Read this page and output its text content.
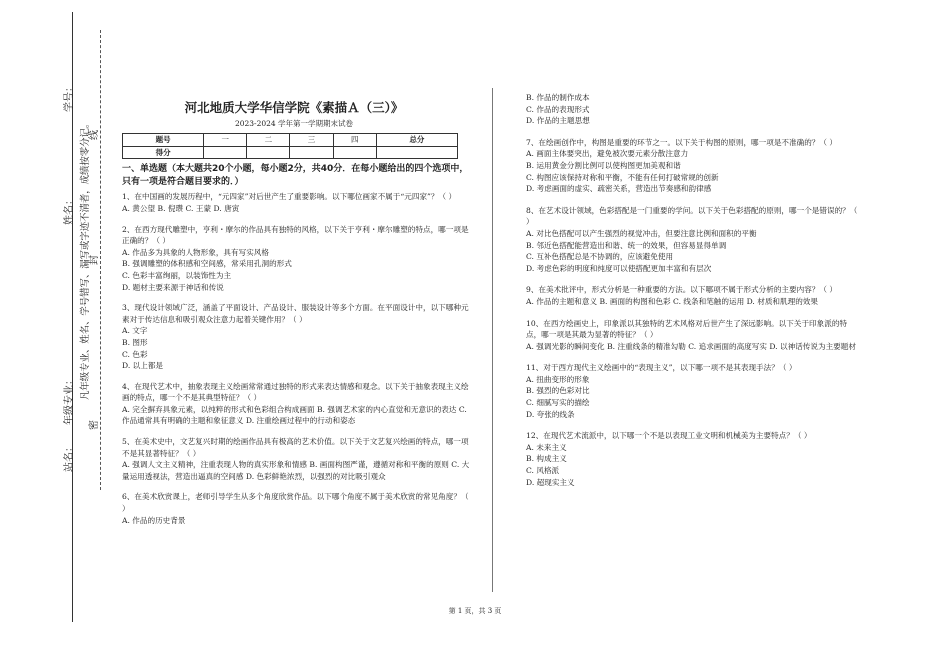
学号：
姓名：
年级专业：
站名：
凡年级专业、姓名、学号错写、漏写或字迹不清者，成绩按零分记。
密
封
线
河北地质大学华信学院《素描Ａ（三）》
2023-2024 学年第一学期期末试卷
题号	一	二	三	四	总分
得分					
一、单选题（本大题共20个小题，每小题2分，共40分．在每小题给出的四个选项中，只有一项是符合题目要求的．）
1、在中国画的发展历程中，“元四家”对后世产生了重要影响。以下哪位画家不属于“元四家”？（ ）
A. 黄公望 B. 倪瓒 C. 王蒙 D. 唐寅
2、在西方现代雕塑中，亨利・摩尔的作品具有独特的风格，以下关于亨利・摩尔雕塑的特点，哪一项是正确的？（ ）
A. 作品多为具象的人物形象，具有写实风格
B. 强调雕塑的体积感和空间感，常采用孔洞的形式
C. 色彩丰富绚丽，以装饰性为主
D. 题材主要来源于神话和传说
3、现代设计领域广泛，涵盖了平面设计、产品设计、服装设计等多个方面。在平面设计中，以下哪种元素对于传达信息和吸引观众注意力起着关键作用？（ ）
A. 文字
B. 图形
C. 色彩
D. 以上都是
4、在现代艺术中，抽象表现主义绘画常常通过独特的形式来表达情感和观念。以下关于抽象表现主义绘画的特点，哪一个不是其典型特征？（ ）
A. 完全摒弃具象元素，以纯粹的形式和色彩组合构成画面 B. 强调艺术家的内心直觉和无意识的表达 C. 作品通常具有明确的主题和象征意义 D. 注重绘画过程中的行动和姿态
5、在美术史中，文艺复兴时期的绘画作品具有极高的艺术价值。以下关于文艺复兴绘画的特点，哪一项不是其显著特征？（ ）
A. 强调人文主义精神，注重表现人物的真实形象和情感 B. 画面构图严谨，遵循对称和平衡的原则 C. 大量运用透视法，营造出逼真的空间感 D. 色彩鲜艳浓烈，以强烈的对比吸引观众
6、在美术欣赏课上，老师引导学生从多个角度欣赏作品。以下哪个角度不属于美术欣赏的常见角度？（ ）
A. 作品的历史背景
B. 作品的制作成本
C. 作品的表现形式
D. 作品的主题思想
7、在绘画创作中，构图是重要的环节之一。以下关于构图的原则，哪一项是不准确的？（ ）
A. 画面主体要突出，避免被次要元素分散注意力
B. 运用黄金分割比例可以使构图更加美观和谐
C. 构图应该保持对称和平衡，不能有任何打破常规的创新
D. 考虑画面的虚实、疏密关系，营造出节奏感和韵律感
8、在艺术设计领域，色彩搭配是一门重要的学问。以下关于色彩搭配的原则，哪一个是错误的？（ ）
A. 对比色搭配可以产生强烈的视觉冲击，但要注意比例和面积的平衡
B. 邻近色搭配能营造出和谐、统一的效果，但容易显得单调
C. 互补色搭配总是不协调的，应该避免使用
D. 考虑色彩的明度和纯度可以使搭配更加丰富和有层次
9、在美术批评中，形式分析是一种重要的方法。以下哪项不属于形式分析的主要内容？（ ）
A. 作品的主题和意义 B. 画面的构图和色彩 C. 线条和笔触的运用 D. 材质和肌理的效果
10、在西方绘画史上，印象派以其独特的艺术风格对后世产生了深远影响。以下关于印象派的特点，哪一项是其最为显著的特征？（ ）
A. 强调光影的瞬间变化 B. 注重线条的精准勾勒 C. 追求画面的高度写实 D. 以神话传说为主要题材
11、对于西方现代主义绘画中的“表现主义”，以下哪一项不是其表现手法？（ ）
A. 扭曲变形的形象
B. 强烈的色彩对比
C. 细腻写实的描绘
D. 夸张的线条
12、在现代艺术流派中，以下哪一个不是以表现工业文明和机械美为主要特点？（ ）
A. 未来主义
B. 构成主义
C. 风格派
D. 超现实主义
第 1 页，共 3 页
